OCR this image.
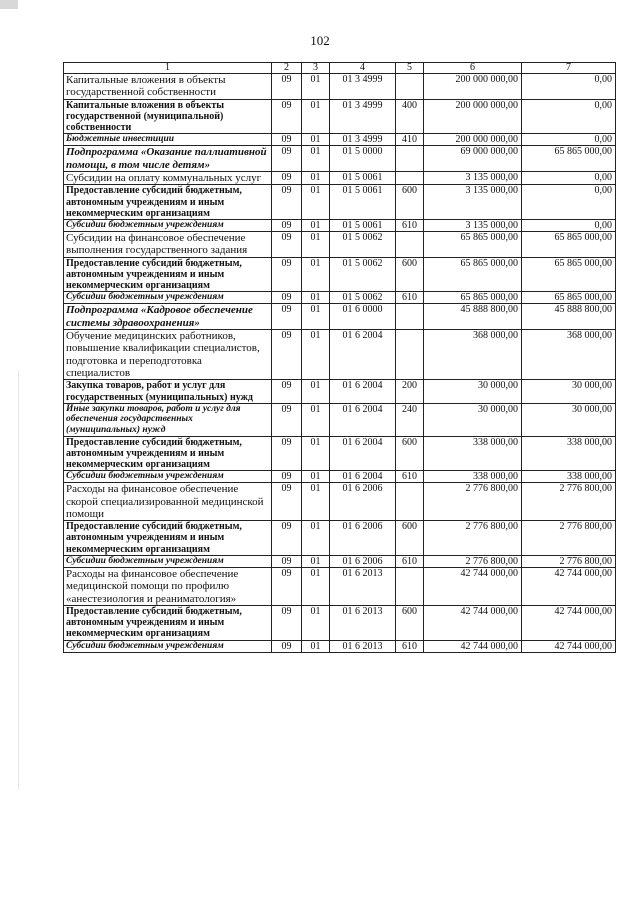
102
1	2	3	4	5	6	7
Капитальные вложения в объекты государственной собственности	09	01	01 3 4999		200 000 000,00	0,00
Капитальные вложения в объекты государственной (муниципальной) собственности	09	01	01 3 4999	400	200 000 000,00	0,00
Бюджетные инвестиции	09	01	01 3 4999	410	200 000 000,00	0,00
Подпрограмма «Оказание паллиативной помощи, в том числе детям»	09	01	01 5 0000		69 000 000,00	65 865 000,00
Субсидии на оплату коммунальных услуг	09	01	01 5 0061		3 135 000,00	0,00
Предоставление субсидий бюджетным, автономным учреждениям и иным некоммерческим организациям	09	01	01 5 0061	600	3 135 000,00	0,00
Субсидии бюджетным учреждениям	09	01	01 5 0061	610	3 135 000,00	0,00
Субсидии на финансовое обеспечение выполнения государственного задания	09	01	01 5 0062		65 865 000,00	65 865 000,00
Предоставление субсидий бюджетным, автономным учреждениям и иным некоммерческим организациям	09	01	01 5 0062	600	65 865 000,00	65 865 000,00
Субсидии бюджетным учреждениям	09	01	01 5 0062	610	65 865 000,00	65 865 000,00
Подпрограмма «Кадровое обеспечение системы здравоохранения»	09	01	01 6 0000		45 888 800,00	45 888 800,00
Обучение медицинских работников, повышение квалификации специалистов, подготовка и переподготовка специалистов	09	01	01 6 2004		368 000,00	368 000,00
Закупка товаров, работ и услуг для государственных (муниципальных) нужд	09	01	01 6 2004	200	30 000,00	30 000,00
Иные закупки товаров, работ и услуг для обеспечения государственных (муниципальных) нужд	09	01	01 6 2004	240	30 000,00	30 000,00
Предоставление субсидий бюджетным, автономным учреждениям и иным некоммерческим организациям	09	01	01 6 2004	600	338 000,00	338 000,00
Субсидии бюджетным учреждениям	09	01	01 6 2004	610	338 000,00	338 000,00
Расходы на финансовое обеспечение скорой специализированной медицинской помощи	09	01	01 6 2006		2 776 800,00	2 776 800,00
Предоставление субсидий бюджетным, автономным учреждениям и иным некоммерческим организациям	09	01	01 6 2006	600	2 776 800,00	2 776 800,00
Субсидии бюджетным учреждениям	09	01	01 6 2006	610	2 776 800,00	2 776 800,00
Расходы на финансовое обеспечение медицинской помощи по профилю «анестезиология и реаниматология»	09	01	01 6 2013		42 744 000,00	42 744 000,00
Предоставление субсидий бюджетным, автономным учреждениям и иным некоммерческим организациям	09	01	01 6 2013	600	42 744 000,00	42 744 000,00
Субсидии бюджетным учреждениям	09	01	01 6 2013	610	42 744 000,00	42 744 000,00
